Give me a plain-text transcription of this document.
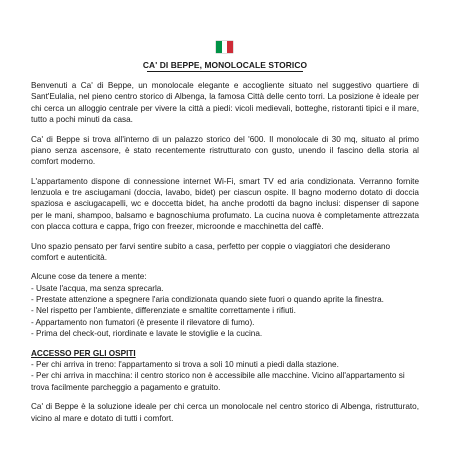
CA' DI BEPPE, MONOLOCALE STORICO

Benvenuti a Ca' di Beppe, un monolocale elegante e accogliente situato nel suggestivo quartiere di Sant'Eulalia, nel pieno centro storico di Albenga, la famosa Città delle cento torri. La posizione è ideale per chi cerca un alloggio centrale per vivere la città a piedi: vicoli medievali, botteghe, ristoranti tipici e il mare, tutto a pochi minuti da casa.

Ca' di Beppe si trova all'interno di un palazzo storico del '600. Il monolocale di 30 mq, situato al primo piano senza ascensore, è stato recentemente ristrutturato con gusto, unendo il fascino della storia al comfort moderno.

L'appartamento dispone di connessione internet Wi-Fi, smart TV ed aria condizionata. Verranno fornite lenzuola e tre asciugamani (doccia, lavabo, bidet) per ciascun ospite. Il bagno moderno dotato di doccia spaziosa e asciugacapelli, wc e doccetta bidet, ha anche prodotti da bagno inclusi: dispenser di sapone per le mani, shampoo, balsamo e bagnoschiuma profumato. La cucina nuova è completamente attrezzata con placca cottura e cappa, frigo con freezer, microonde e macchinetta del caffè.

Uno spazio pensato per farvi sentire subito a casa, perfetto per coppie o viaggiatori che desiderano comfort e autenticità.

Alcune cose da tenere a mente:

- Usate l'acqua, ma senza sprecarla.
- Prestate attenzione a spegnere l'aria condizionata quando siete fuori o quando aprite la finestra.
- Nel rispetto per l'ambiente, differenziate e smaltite correttamente i rifiuti.
- Appartamento non fumatori (è presente il rilevatore di fumo).
- Prima del check-out, riordinate e lavate le stoviglie e la cucina.

ACCESSO PER GLI OSPITI

- Per chi arriva in treno: l'appartamento si trova a soli 10 minuti a piedi dalla stazione.
- Per chi arriva in macchina: il centro storico non è accessibile alle macchine. Vicino all'appartamento si trova facilmente parcheggio a pagamento e gratuito.

Ca' di Beppe è la soluzione ideale per chi cerca un monolocale nel centro storico di Albenga, ristrutturato, vicino al mare e dotato di tutti i comfort.
